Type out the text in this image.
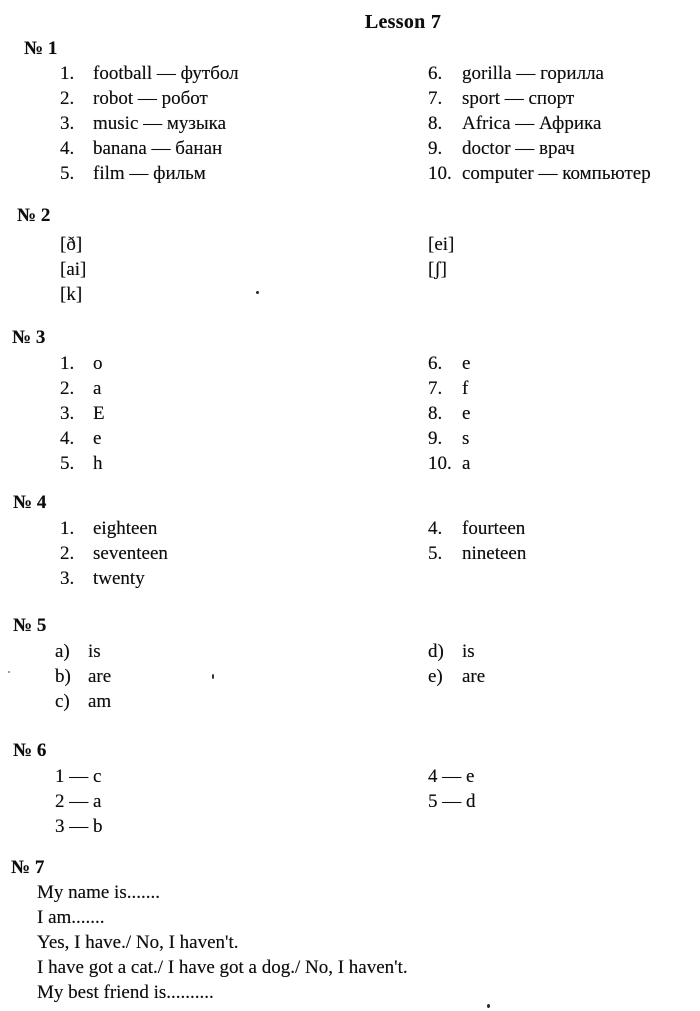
Lesson 7
№ 1
1. football — футбол
2. robot — робот
3. music — музыка
4. banana — банан
5. film — фильм
6.	gorilla — горилла
7.	sport — спорт
8.	Africa — Африка
9.	doctor — врач
10. computer — компьютер
№ 2
[ð]
[ai]
[k]
[ei]
[ʃ]
№ 3
1. o
2. a
3. E
4. e
5. h
6.	e
7.	f
8.	e
9.	s
10. a
№ 4
1. eighteen
2. seventeen
3. twenty
4.	fourteen
5.	nineteen
№ 5
a) is
b) are
c) am
d) is
e)	are
№ 6
1 — c
2 — a
3 — b
4 — e
5 — d
№ 7
My name is.......
I am.......
Yes, I have./ No, I haven't.
I have got a cat./ I have got a dog./ No, I haven't.
My best friend is..........
